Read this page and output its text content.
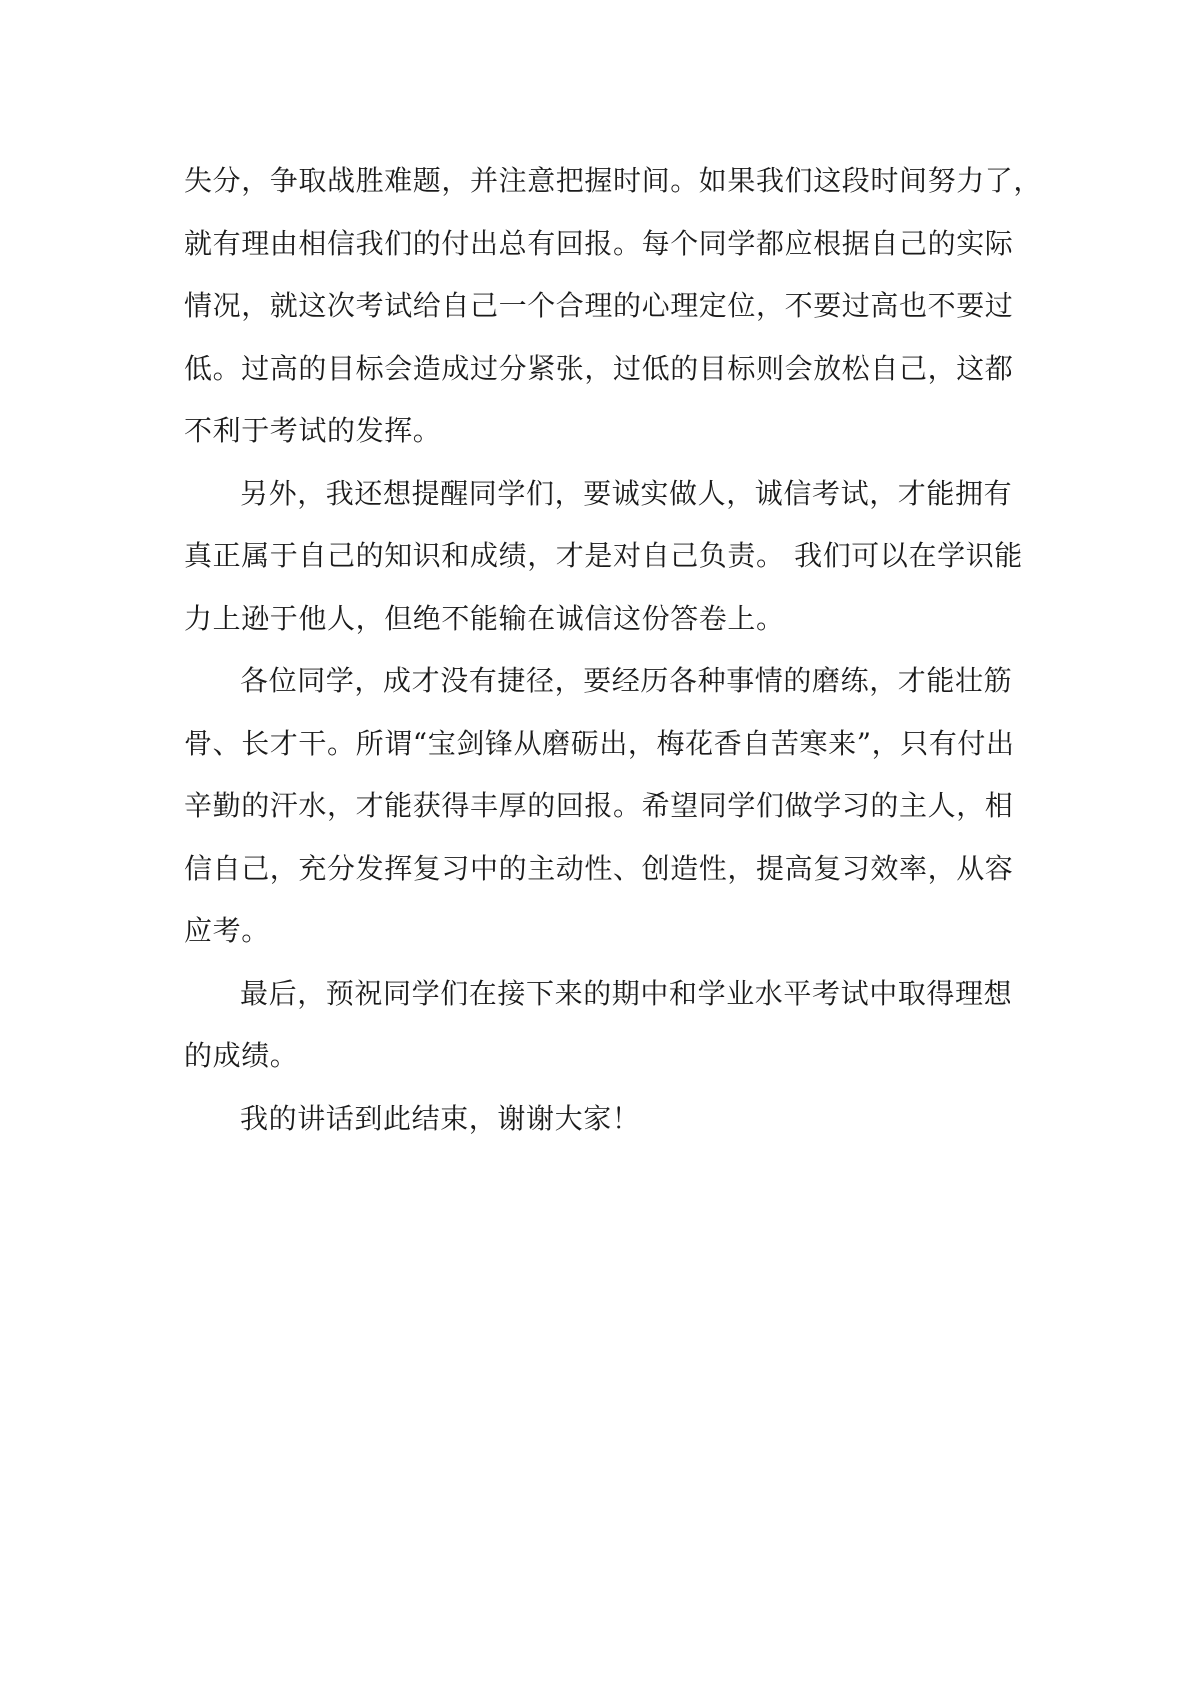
失分，争取战胜难题，并注意把握时间。如果我们这段时间努力了，
就有理由相信我们的付出总有回报。每个同学都应根据自己的实际
情况，就这次考试给自己一个合理的心理定位，不要过高也不要过
低。过高的目标会造成过分紧张，过低的目标则会放松自己，这都
不利于考试的发挥。
另外，我还想提醒同学们，要诚实做人，诚信考试，才能拥有
真正属于自己的知识和成绩，才是对自己负责。 我们可以在学识能
力上逊于他人，但绝不能输在诚信这份答卷上。
各位同学，成才没有捷径，要经历各种事情的磨练，才能壮筋
骨、长才干。所谓“宝剑锋从磨砺出，梅花香自苦寒来”，只有付出
辛勤的汗水，才能获得丰厚的回报。希望同学们做学习的主人，相
信自己，充分发挥复习中的主动性、创造性，提高复习效率，从容
应考。
最后，预祝同学们在接下来的期中和学业水平考试中取得理想
的成绩。
我的讲话到此结束，谢谢大家！
